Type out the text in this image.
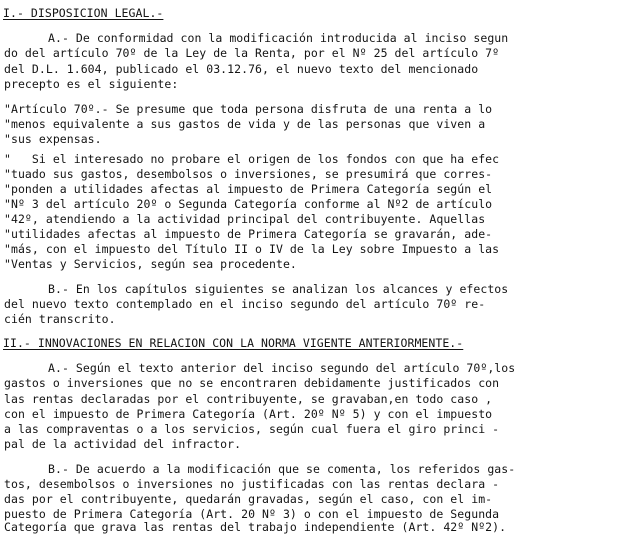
I.- DISPOSICION LEGAL.-
A.- De conformidad con la modificación introducida al inciso segun
do del artículo 70º de la Ley de la Renta, por el Nº 25 del artículo 7º
del D.L. 1.604, publicado el 03.12.76, el nuevo texto del mencionado
precepto es el siguiente:
"Artículo 70º.- Se presume que toda persona disfruta de una renta a lo
"menos equivalente a sus gastos de vida y de las personas que viven a
"sus expensas.
"   Si el interesado no probare el origen de los fondos con que ha efec
"tuado sus gastos, desembolsos o inversiones, se presumirá que corres-
"ponden a utilidades afectas al impuesto de Primera Categoría según el
"Nº 3 del artículo 20º o Segunda Categoría conforme al Nº2 de artículo
"42º, atendiendo a la actividad principal del contribuyente. Aquellas
"utilidades afectas al impuesto de Primera Categoría se gravarán, ade-
"más, con el impuesto del Título II o IV de la Ley sobre Impuesto a las
"Ventas y Servicios, según sea procedente.
B.- En los capítulos siguientes se analizan los alcances y efectos
del nuevo texto contemplado en el inciso segundo del artículo 70º re-
cién transcrito.
II.- INNOVACIONES EN RELACION CON LA NORMA VIGENTE ANTERIORMENTE.-
A.- Según el texto anterior del inciso segundo del artículo 70º,los
gastos o inversiones que no se encontraren debidamente justificados con
las rentas declaradas por el contribuyente, se gravaban,en todo caso ,
con el impuesto de Primera Categoría (Art. 20º Nº 5) y con el impuesto
a las compraventas o a los servicios, según cual fuera el giro princi -
pal de la actividad del infractor.
B.- De acuerdo a la modificación que se comenta, los referidos gas-
tos, desembolsos o inversiones no justificadas con las rentas declara -
das por el contribuyente, quedarán gravadas, según el caso, con el im-
puesto de Primera Categoría (Art. 20 Nº 3) o con el impuesto de Segunda
Categoría que grava las rentas del trabajo independiente (Art. 42º Nº2).
